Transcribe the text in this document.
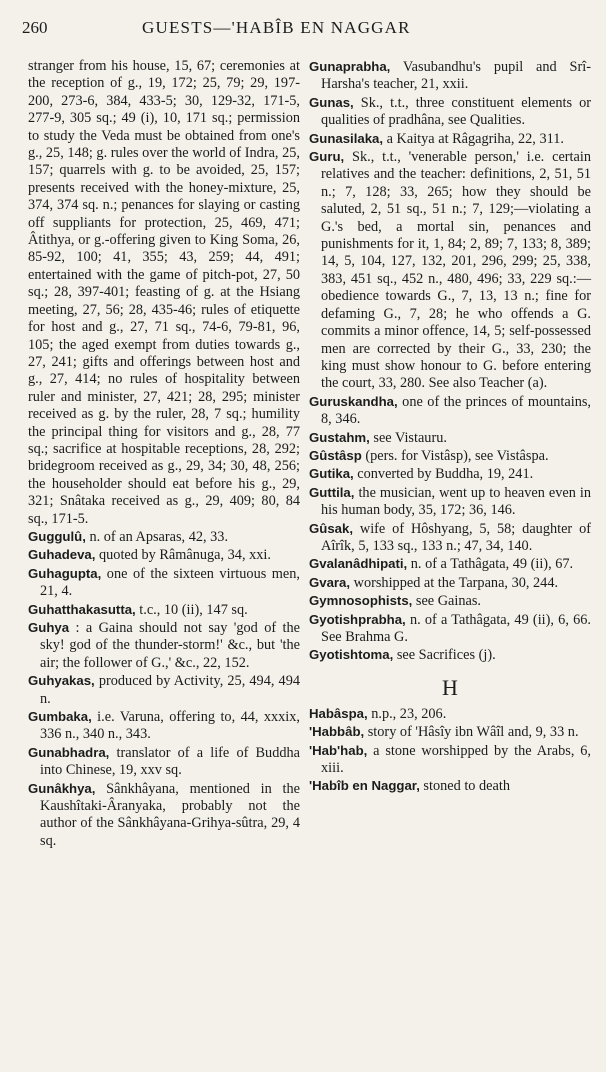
260	GUESTS—'HABÎB EN NAGGAR

stranger from his house, 15, 67; ceremonies at the reception of g., 19, 172; 25, 79; 29, 197-200, 273-6, 384, 433-5; 30, 129-32, 171-5, 277-9, 305 sq.; 49 (i), 10, 171 sq.; permission to study the Veda must be obtained from one's g., 25, 148; g. rules over the world of Indra, 25, 157; quarrels with g. to be avoided, 25, 157; presents received with the honey-mixture, 25, 374, 374 sq. n.; penances for slaying or casting off suppliants for protection, 25, 469, 471; Âtithya, or g.-offering given to King Soma, 26, 85-92, 100; 41, 355; 43, 259; 44, 491; entertained with the game of pitch-pot, 27, 50 sq.; 28, 397-401; feasting of g. at the Hsiang meeting, 27, 56; 28, 435-46; rules of etiquette for host and g., 27, 71 sq., 74-6, 79-81, 96, 105; the aged exempt from duties towards g., 27, 241; gifts and offerings between host and g., 27, 414; no rules of hospitality between ruler and minister, 27, 421; 28, 295; minister received as g. by the ruler, 28, 7 sq.; humility the principal thing for visitors and g., 28, 77 sq.; sacrifice at hospitable receptions, 28, 292; bridegroom received as g., 29, 34; 30, 48, 256; the householder should eat before his g., 29, 321; Snâtaka received as g., 29, 409; 80, 84 sq., 171-5.

Guggulû, n. of an Apsaras, 42, 33.

Guhadeva, quoted by Râmânuga, 34, xxi.

Guhagupta, one of the sixteen virtuous men, 21, 4.

Guhatthakasutta, t.c., 10 (ii), 147 sq.

Guhya : a Gaina should not say 'god of the sky! god of the thunder-storm!' &c., but 'the air; the follower of G.,' &c., 22, 152.

Guhyakas, produced by Activity, 25, 494, 494 n.

Gumbaka, i.e. Varuna, offering to, 44, xxxix, 336 n., 340 n., 343.

Gunabhadra, translator of a life of Buddha into Chinese, 19, xxv sq.

Gunâkhya, Sânkhâyana, mentioned in the Kaushîtaki-Âranyaka, probably not the author of the Sânkhâyana-Grihya-sûtra, 29, 4 sq.

Gunaprabha, Vasubandhu's pupil and Srî-Harsha's teacher, 21, xxii.

Gunas, Sk., t.t., three constituent elements or qualities of pradhâna, see Qualities.

Gunasilaka, a Kaitya at Râgagriha, 22, 311.

Guru, Sk., t.t., 'venerable person,' i.e. certain relatives and the teacher: definitions, 2, 51, 51 n.; 7, 128; 33, 265; how they should be saluted, 2, 51 sq., 51 n.; 7, 129;—violating a G.'s bed, a mortal sin, penances and punishments for it, 1, 84; 2, 89; 7, 133; 8, 389; 14, 5, 104, 127, 132, 201, 296, 299; 25, 338, 383, 451 sq., 452 n., 480, 496; 33, 229 sq.:—obedience towards G., 7, 13, 13 n.; fine for defaming G., 7, 28; he who offends a G. commits a minor offence, 14, 5; self-possessed men are corrected by their G., 33, 230; the king must show honour to G. before entering the court, 33, 280. See also Teacher (a).

Guruskandha, one of the princes of mountains, 8, 346.

Gustahm, see Vistauru.

Gûstâsp (pers. for Vistâsp), see Vistâspa.

Gutika, converted by Buddha, 19, 241.

Guttila, the musician, went up to heaven even in his human body, 35, 172; 36, 146.

Gûsak, wife of Hôshyang, 5, 58; daughter of Aîrîk, 5, 133 sq., 133 n.; 47, 34, 140.

Gvalanâdhipati, n. of a Tathâgata, 49 (ii), 67.

Gvara, worshipped at the Tarpana, 30, 244.

Gymnosophists, see Gainas.

Gyotishprabha, n. of a Tathâgata, 49 (ii), 6, 66. See Brahma G.

Gyotishtoma, see Sacrifices (j).

H

Habâspa, n.p., 23, 206.

'Habbâb, story of 'Hâsîy ibn Wâîl and, 9, 33 n.

'Hab'hab, a stone worshipped by the Arabs, 6, xiii.

'Habîb en Naggar, stoned to death
